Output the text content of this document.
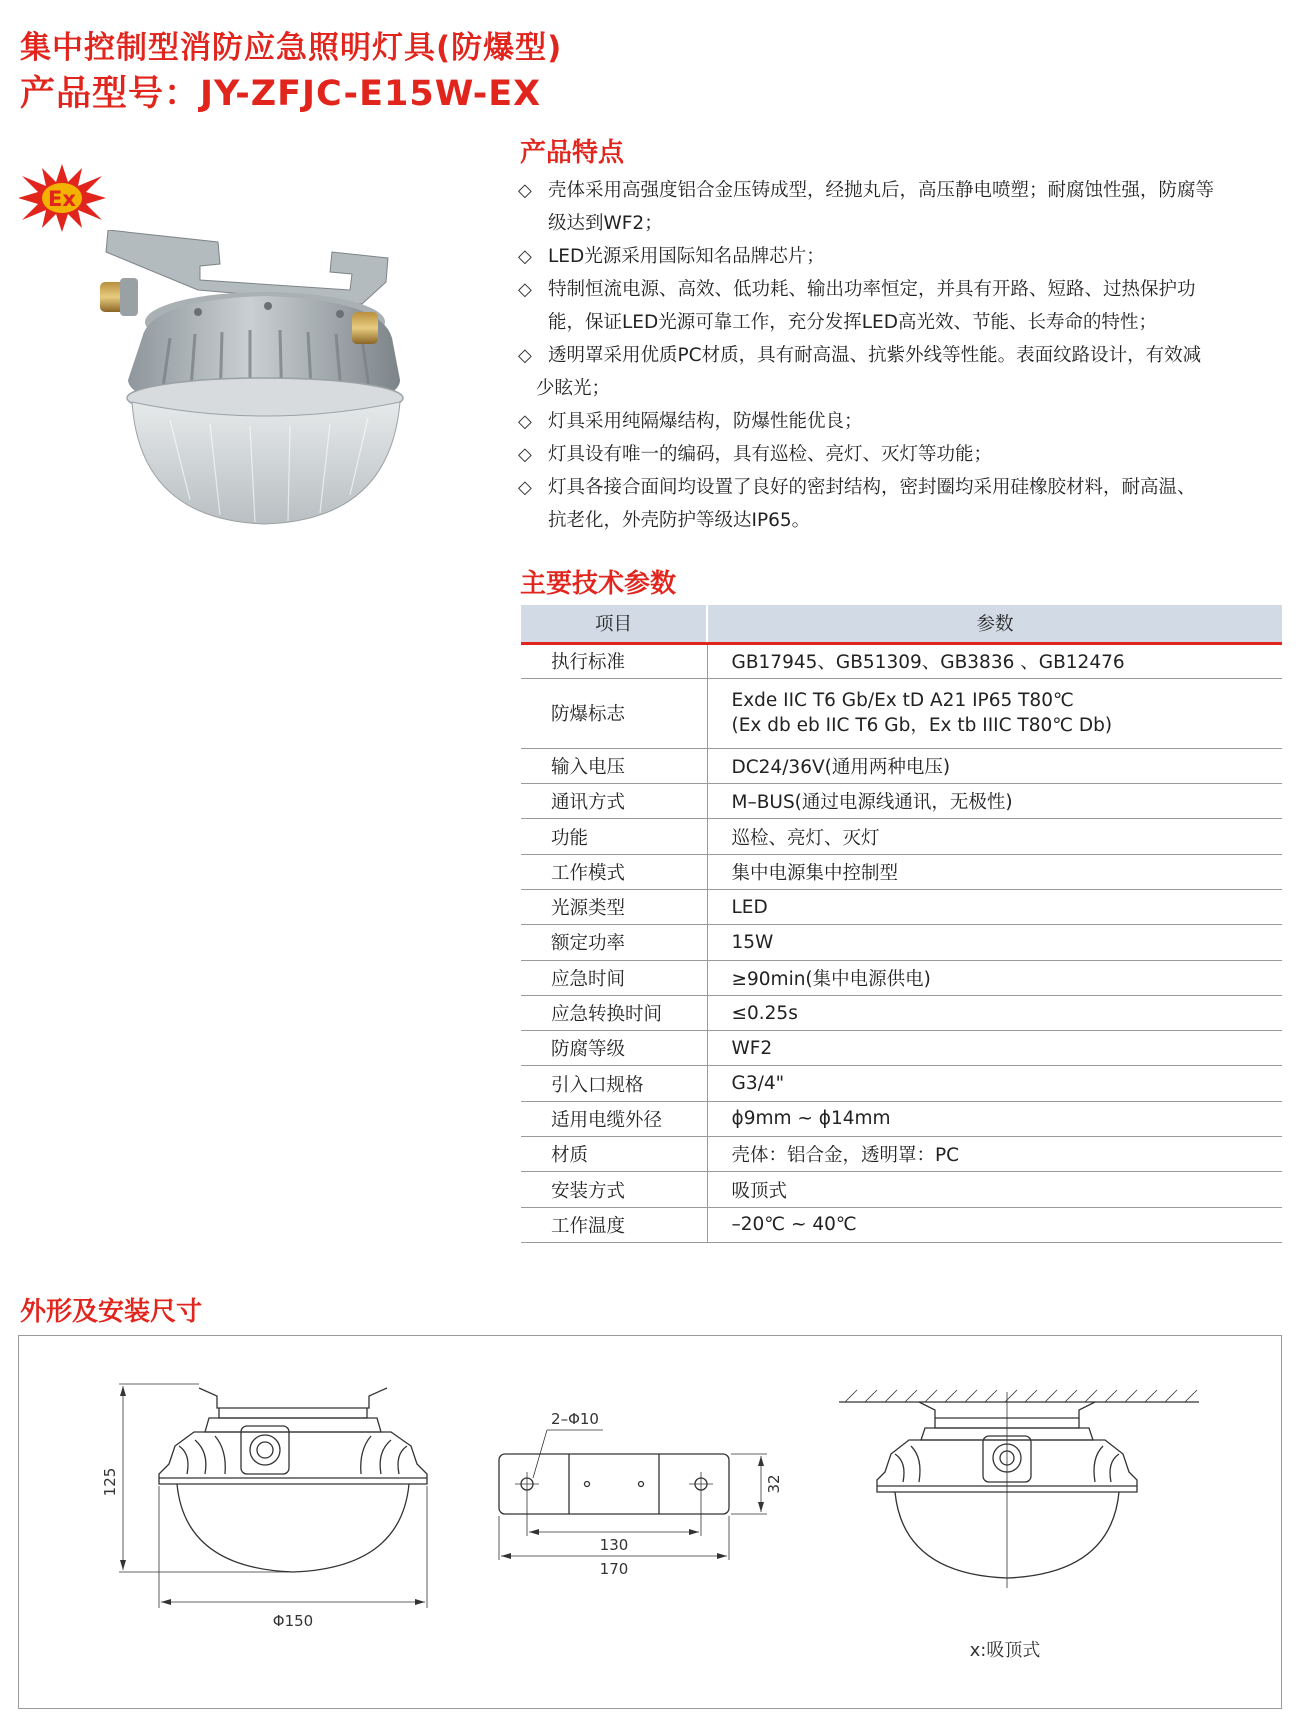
集中控制型消防应急照明灯具(防爆型)
产品型号：JY-ZFJC-E15W-EX
Ex
产品特点
◇ 壳体采用高强度铝合金压铸成型，经抛丸后，高压静电喷塑；耐腐蚀性强，防腐等
级达到WF2；
◇ LED光源采用国际知名品牌芯片；
◇ 特制恒流电源、高效、低功耗、输出功率恒定，并具有开路、短路、过热保护功
能，保证LED光源可靠工作，充分发挥LED高光效、节能、长寿命的特性；
◇ 透明罩采用优质PC材质，具有耐高温、抗紫外线等性能。表面纹路设计，有效减
少眩光；
◇ 灯具采用纯隔爆结构，防爆性能优良；
◇ 灯具设有唯一的编码，具有巡检、亮灯、灭灯等功能；
◇ 灯具各接合面间均设置了良好的密封结构，密封圈均采用硅橡胶材料，耐高温、
抗老化，外壳防护等级达IP65。
主要技术参数
项目	参数
执行标准	GB17945、GB51309、GB3836 、GB12476
防爆标志	Exde IIC T6 Gb/Ex tD A21 IP65 T80℃
(Ex db eb IIC T6 Gb，Ex tb IIIC T80℃ Db)

输入电压	DC24/36V(通用两种电压)
通讯方式	M–BUS(通过电源线通讯，无极性)
功能	巡检、亮灯、灭灯
工作模式	集中电源集中控制型
光源类型	LED
额定功率	15W
应急时间	≥90min(集中电源供电)
应急转换时间	≤0.25s
防腐等级	WF2
引入口规格	G3/4"
适用电缆外径	ϕ9mm ~ ϕ14mm
材质	壳体：铝合金，透明罩：PC
安装方式	吸顶式
工作温度	–20℃ ~ 40℃
外形及安装尺寸
125
Φ150
2–Φ10
32
130
170
x:吸顶式
